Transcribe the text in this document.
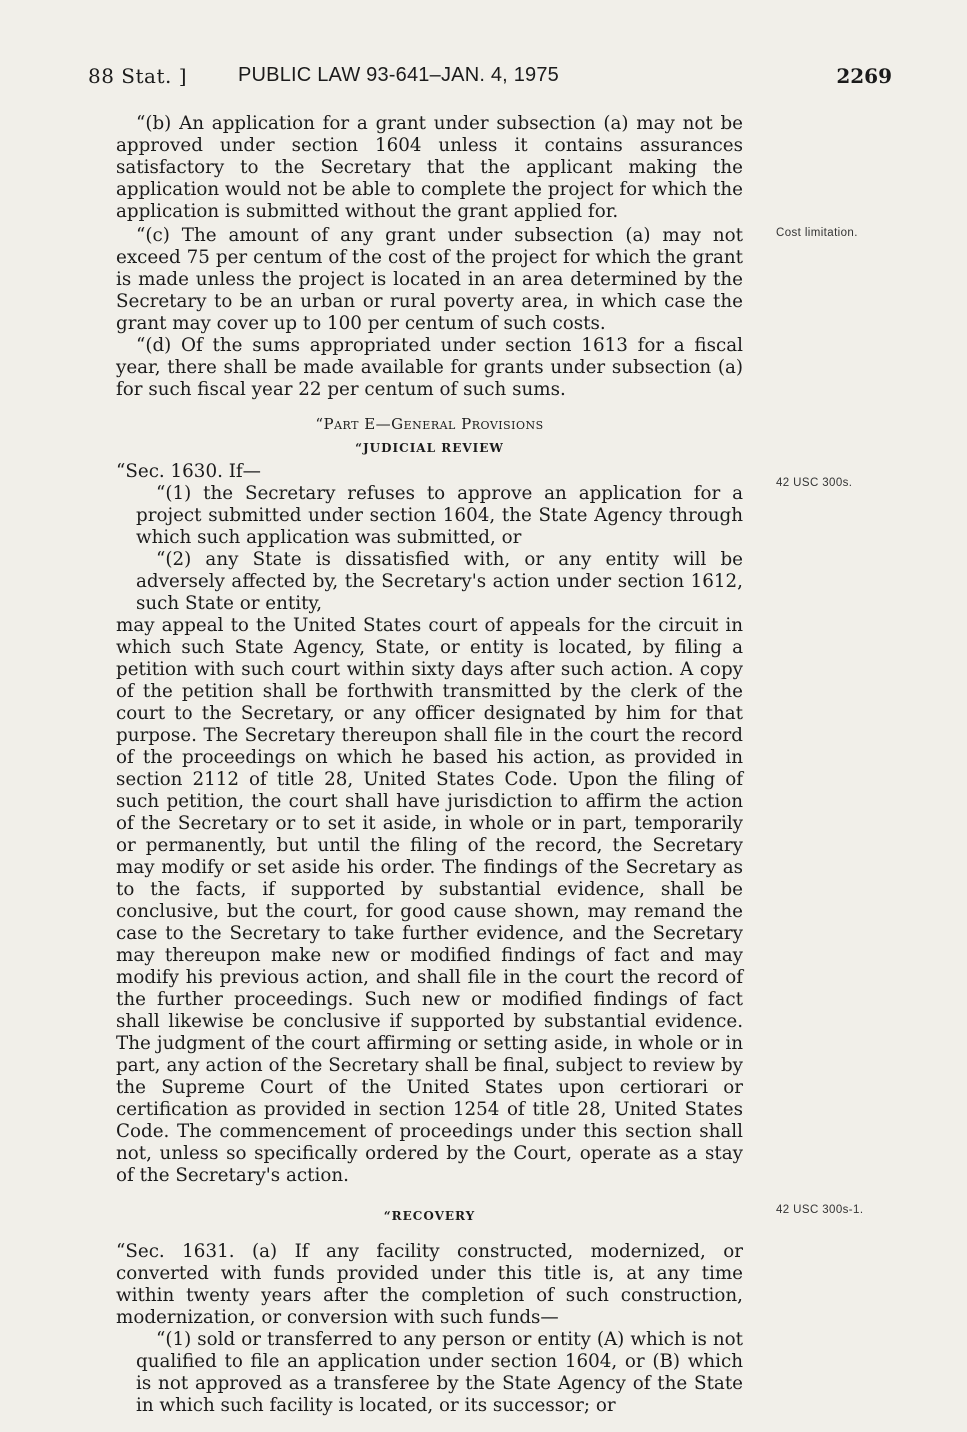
88 Stat. ]	PUBLIC LAW 93-641–JAN. 4, 1975	2269
Cost limitation.
42 USC 300s.
42 USC 300s-1.

“(b) An application for a grant under subsection (a) may not be approved under section 1604 unless it contains assurances satisfactory to the Secretary that the applicant making the application would not be able to complete the project for which the application is submitted without the grant applied for.

“(c) The amount of any grant under subsection (a) may not exceed 75 per centum of the cost of the project for which the grant is made unless the project is located in an area determined by the Secretary to be an urban or rural poverty area, in which case the grant may cover up to 100 per centum of such costs.

“(d) Of the sums appropriated under section 1613 for a fiscal year, there shall be made available for grants under subsection (a) for such fiscal year 22 per centum of such sums.

“Part E—General Provisions
“JUDICIAL REVIEW

“Sec. 1630. If—

“(1) the Secretary refuses to approve an application for a project submitted under section 1604, the State Agency through which such application was submitted, or

“(2) any State is dissatisfied with, or any entity will be adversely affected by, the Secretary's action under section 1612, such State or entity,

may appeal to the United States court of appeals for the circuit in which such State Agency, State, or entity is located, by filing a petition with such court within sixty days after such action. A copy of the petition shall be forthwith transmitted by the clerk of the court to the Secretary, or any officer designated by him for that purpose. The Secretary thereupon shall file in the court the record of the proceedings on which he based his action, as provided in section 2112 of title 28, United States Code. Upon the filing of such petition, the court shall have jurisdiction to affirm the action of the Secretary or to set it aside, in whole or in part, temporarily or permanently, but until the filing of the record, the Secretary may modify or set aside his order. The findings of the Secretary as to the facts, if supported by substantial evidence, shall be conclusive, but the court, for good cause shown, may remand the case to the Secretary to take further evidence, and the Secretary may thereupon make new or modified findings of fact and may modify his previous action, and shall file in the court the record of the further proceedings. Such new or modified findings of fact shall likewise be conclusive if supported by substantial evidence. The judgment of the court affirming or setting aside, in whole or in part, any action of the Secretary shall be final, subject to review by the Supreme Court of the United States upon certiorari or certification as provided in section 1254 of title 28, United States Code. The commencement of proceedings under this section shall not, unless so specifically ordered by the Court, operate as a stay of the Secretary's action.

“RECOVERY

“Sec. 1631. (a) If any facility constructed, modernized, or converted with funds provided under this title is, at any time within twenty years after the completion of such construction, modernization, or conversion with such funds—

“(1) sold or transferred to any person or entity (A) which is not qualified to file an application under section 1604, or (B) which is not approved as a transferee by the State Agency of the State in which such facility is located, or its successor; or
